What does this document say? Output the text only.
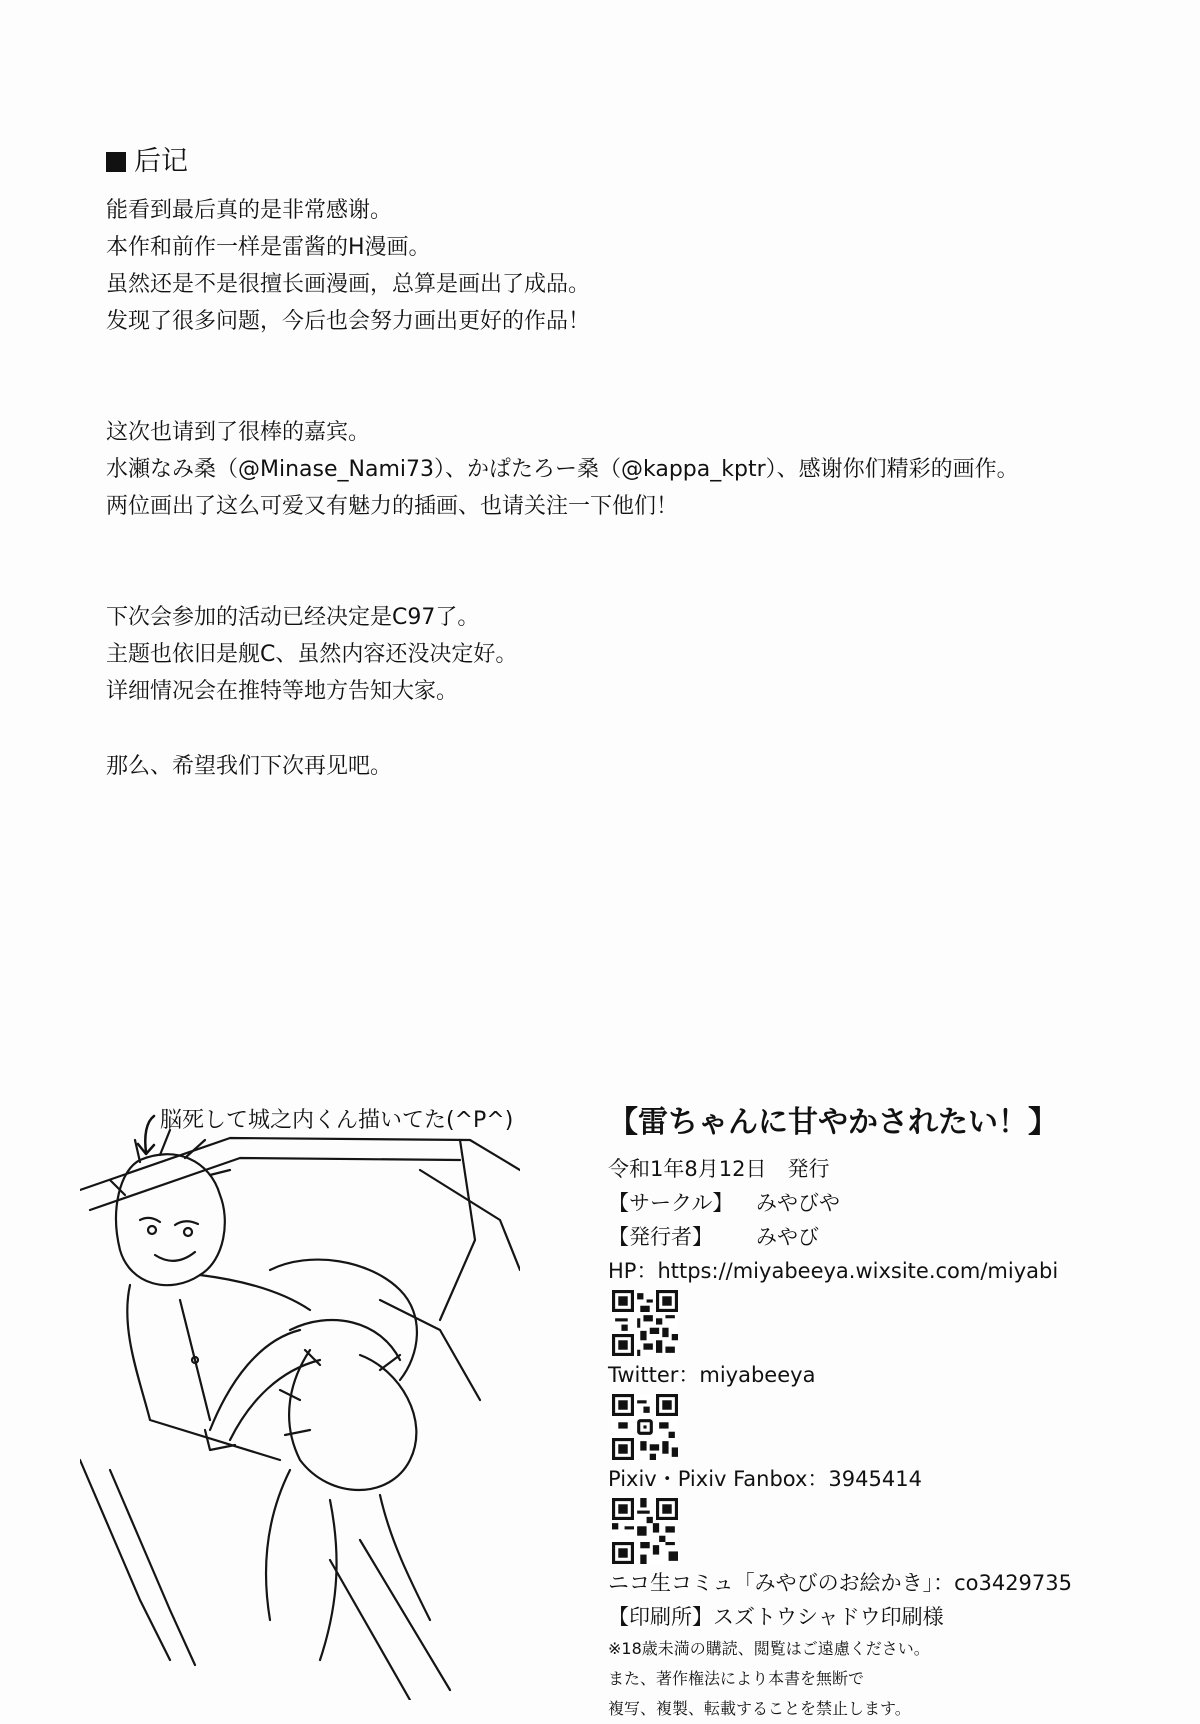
后记
能看到最后真的是非常感谢。
本作和前作一样是雷酱的H漫画。
虽然还是不是很擅长画漫画，总算是画出了成品。
发现了很多问题，今后也会努力画出更好的作品！
这次也请到了很棒的嘉宾。
水瀬なみ桑（@Minase_Nami73）、かぱたろー桑（@kappa_kptr）、感谢你们精彩的画作。
两位画出了这么可爱又有魅力的插画、也请关注一下他们！
下次会参加的活动已经决定是C97了。
主题也依旧是舰C、虽然内容还没决定好。
详细情况会在推特等地方告知大家。
那么、希望我们下次再见吧。
脳死して城之内くん描いてた(^P^)	【雷ちゃんに甘やかされたい！】
令和1年8月12日　発行
【サークル】	みやびや
【発行者】	みやび
HP：https://miyabeeya.wixsite.com/miyabi
Twitter：miyabeeya
Pixiv・Pixiv Fanbox：3945414
ニコ生コミュ「みやびのお絵かき」：co3429735
【印刷所】スズトウシャドウ印刷様
※18歳未満の購読、閲覧はご遠慮ください。
また、著作権法により本書を無断で
複写、複製、転載することを禁止します。
